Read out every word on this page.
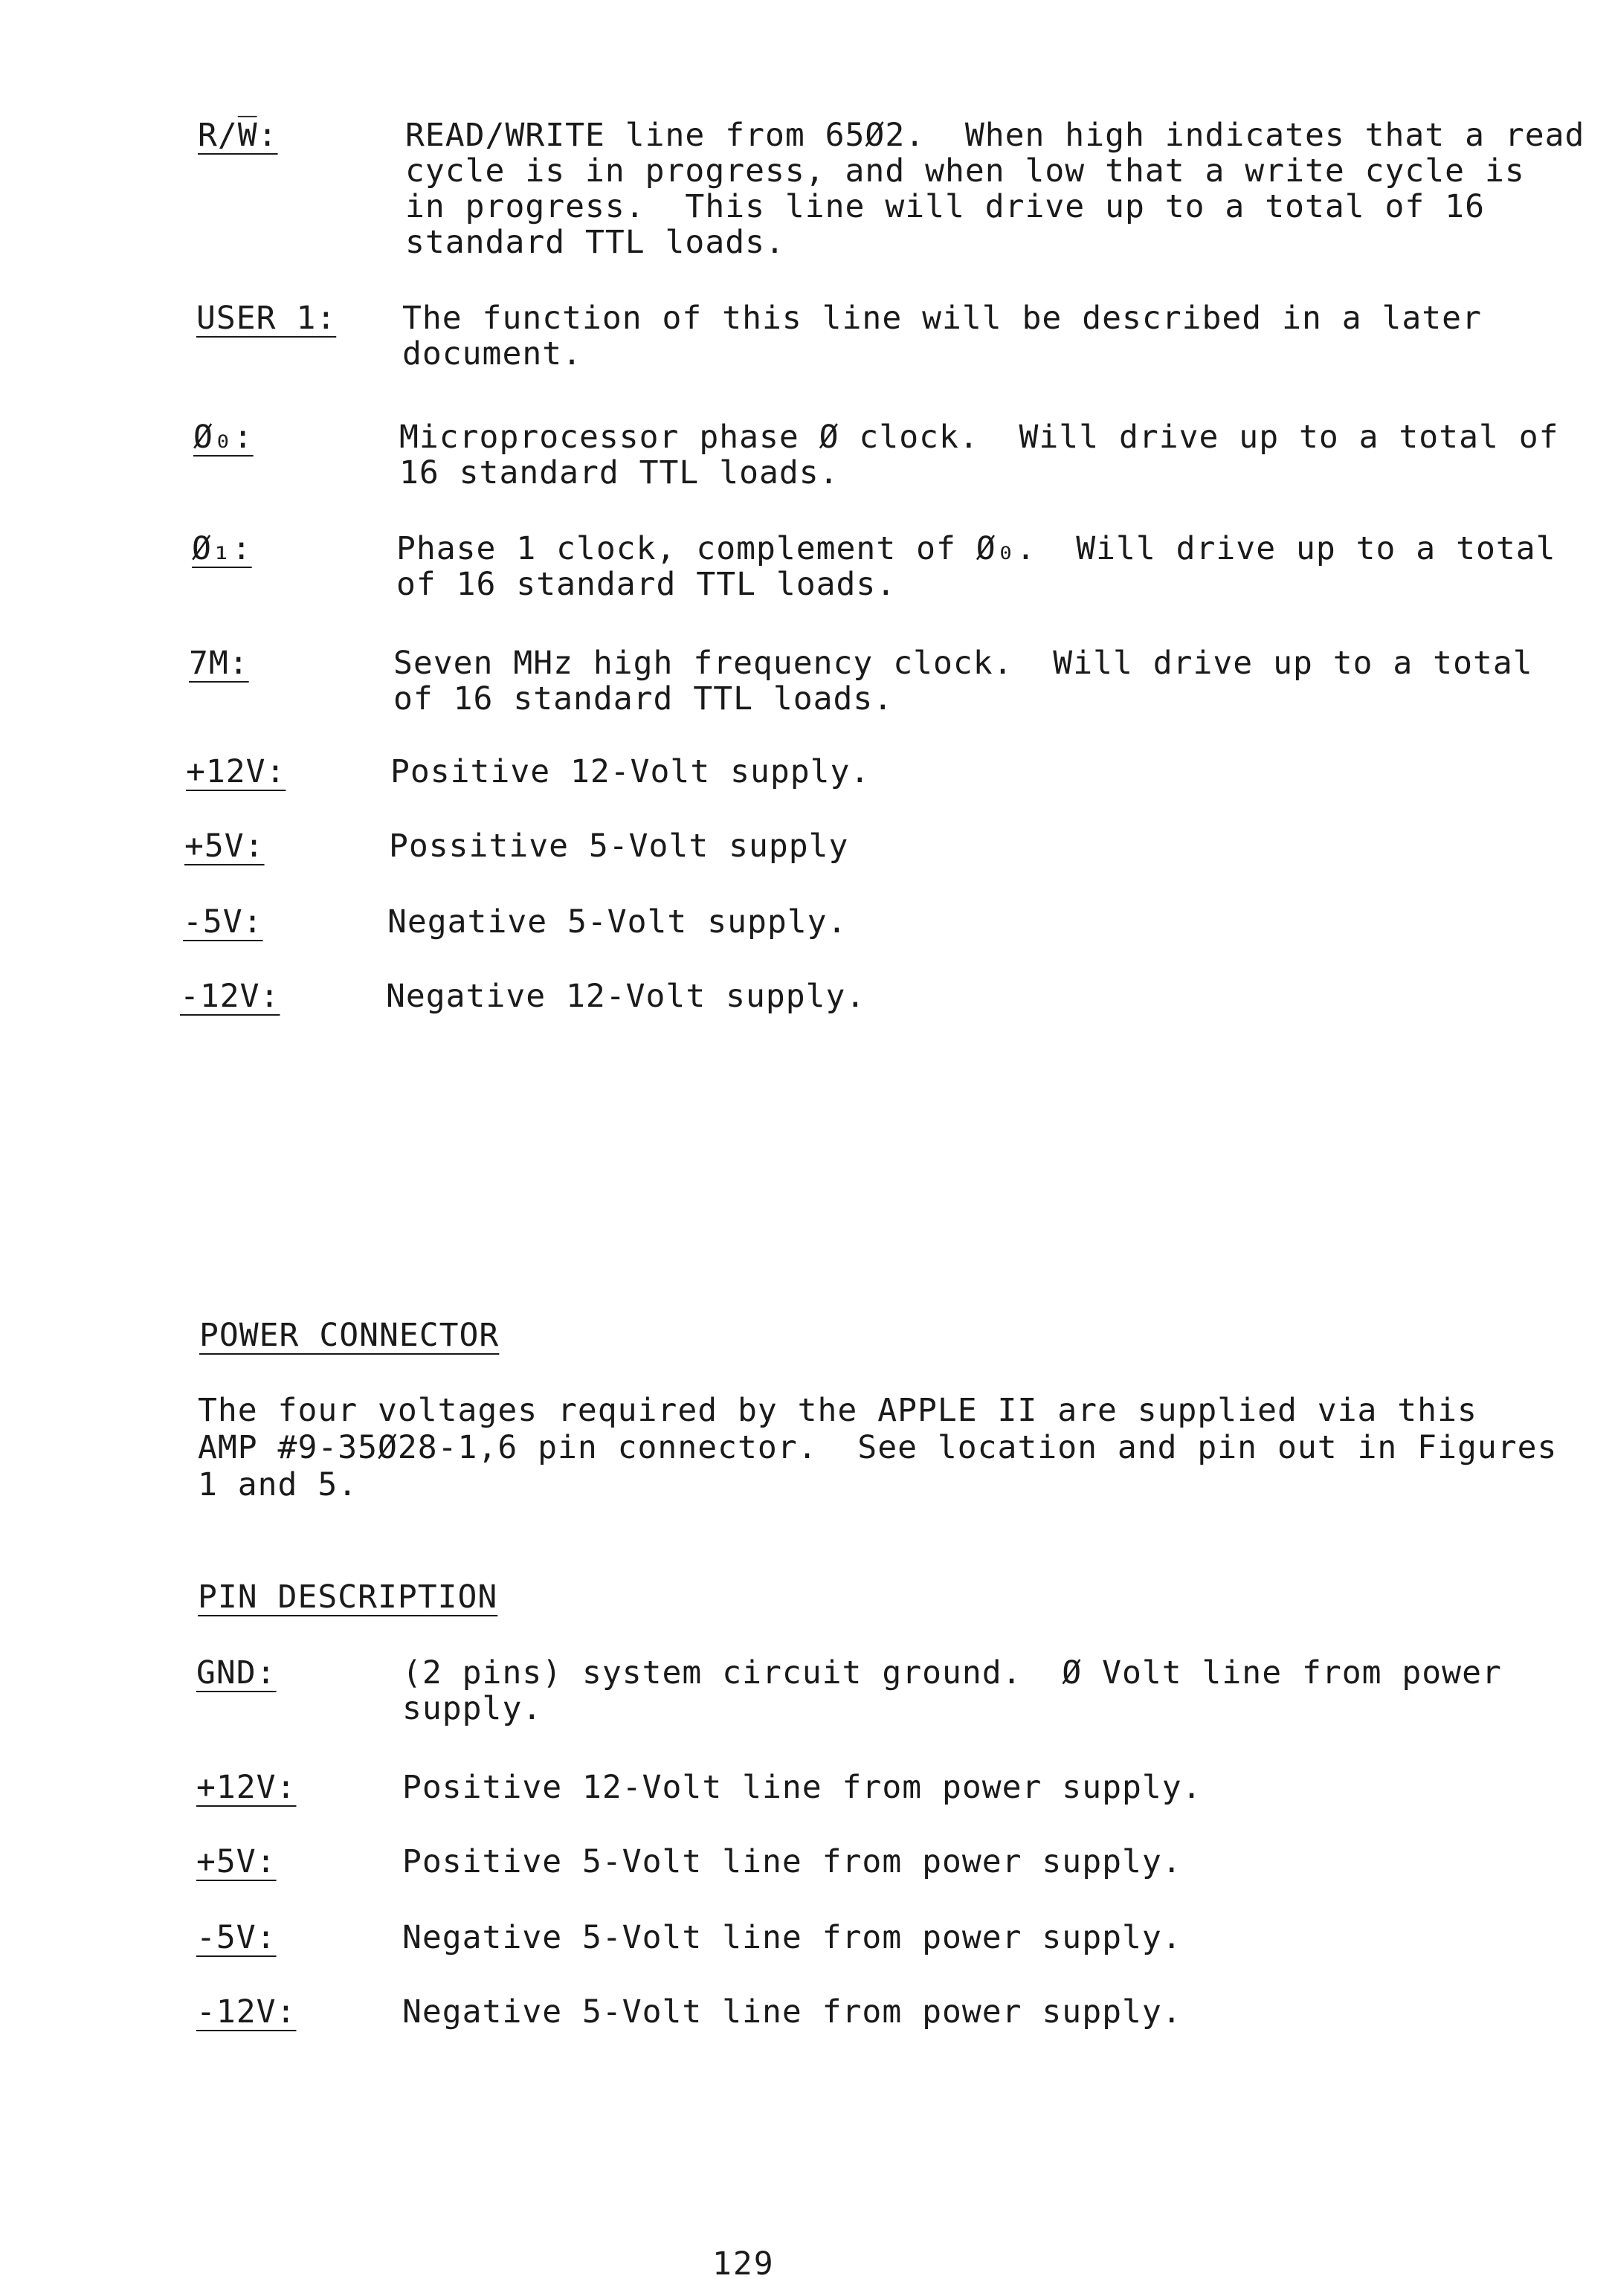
R/W̅:	READ/WRITE line from 65Ø2.  When high indicates that a read
cycle is in progress, and when low that a write cycle is
in progress.  This line will drive up to a total of 16
standard TTL loads.
USER 1: The function of this line will be described in a later
document.
Ø₀:	Microprocessor phase Ø clock.  Will drive up to a total of
16 standard TTL loads.
Ø₁:	Phase 1 clock, complement of Ø₀.  Will drive up to a total
of 16 standard TTL loads.
7M:	Seven MHz high frequency clock.  Will drive up to a total
of 16 standard TTL loads.
+12V:	Positive 12-Volt supply.
+5V:	Possitive 5-Volt supply
-5V:	Negative 5-Volt supply.
-12V:	Negative 12-Volt supply.
POWER CONNECTOR
The four voltages required by the APPLE II are supplied via this
AMP #9-35Ø28-1,6 pin connector.  See location and pin out in Figures
1 and 5.
PIN DESCRIPTION
GND:	(2 pins) system circuit ground.  Ø Volt line from power
supply.
+12V:	Positive 12-Volt line from power supply.
+5V:	Positive 5-Volt line from power supply.
-5V:	Negative 5-Volt line from power supply.
-12V:	Negative 5-Volt line from power supply.
129
